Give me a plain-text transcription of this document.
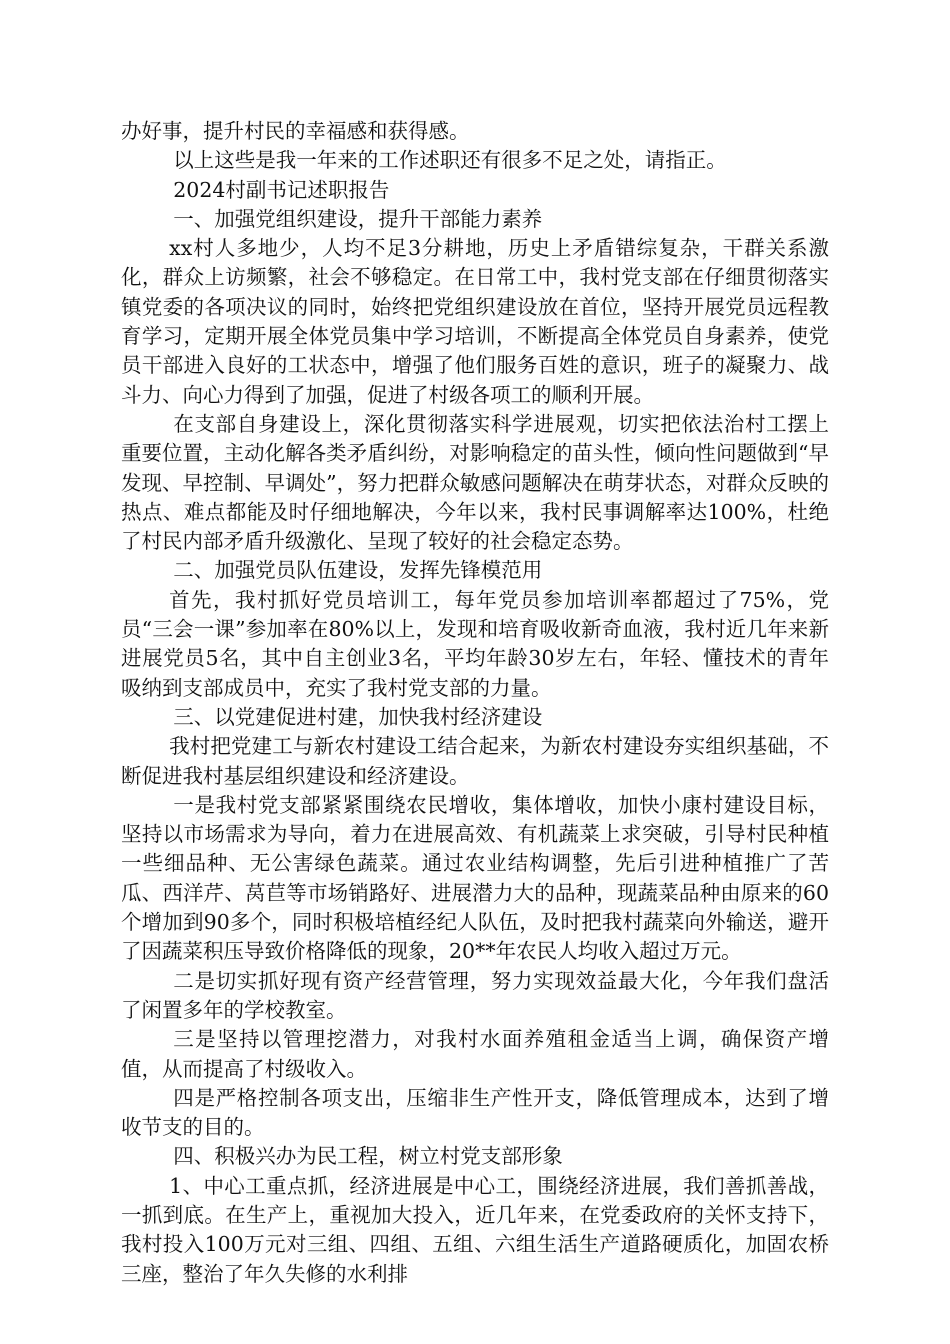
办好事，提升村民的幸福感和获得感。

以上这些是我一年来的工作述职还有很多不足之处，请指正。

2024村副书记述职报告

一、加强党组织建设，提升干部能力素养

xx村人多地少，人均不足3分耕地，历史上矛盾错综复杂，干群关系激化，群众上访频繁，社会不够稳定。在日常工中，我村党支部在仔细贯彻落实镇党委的各项决议的同时，始终把党组织建设放在首位，坚持开展党员远程教育学习，定期开展全体党员集中学习培训，不断提高全体党员自身素养，使党员干部进入良好的工状态中，增强了他们服务百姓的意识，班子的凝聚力、战斗力、向心力得到了加强，促进了村级各项工的顺利开展。

在支部自身建设上，深化贯彻落实科学进展观，切实把依法治村工摆上重要位置，主动化解各类矛盾纠纷，对影响稳定的苗头性，倾向性问题做到“早发现、早控制、早调处”，努力把群众敏感问题解决在萌芽状态，对群众反映的热点、难点都能及时仔细地解决，今年以来，我村民事调解率达100%，杜绝了村民内部矛盾升级激化、呈现了较好的社会稳定态势。

二、加强党员队伍建设，发挥先锋模范用

首先，我村抓好党员培训工，每年党员参加培训率都超过了75%，党员“三会一课”参加率在80%以上，发现和培育吸收新奇血液，我村近几年来新进展党员5名，其中自主创业3名，平均年龄30岁左右，年轻、懂技术的青年吸纳到支部成员中，充实了我村党支部的力量。

三、以党建促进村建，加快我村经济建设

我村把党建工与新农村建设工结合起来，为新农村建设夯实组织基础，不断促进我村基层组织建设和经济建设。

一是我村党支部紧紧围绕农民增收，集体增收，加快小康村建设目标，坚持以市场需求为导向，着力在进展高效、有机蔬菜上求突破，引导村民种植一些细品种、无公害绿色蔬菜。通过农业结构调整，先后引进种植推广了苦瓜、西洋芹、莴苣等市场销路好、进展潜力大的品种，现蔬菜品种由原来的60个增加到90多个，同时积极培植经纪人队伍，及时把我村蔬菜向外输送，避开了因蔬菜积压导致价格降低的现象，20**年农民人均收入超过万元。

二是切实抓好现有资产经营管理，努力实现效益最大化，今年我们盘活了闲置多年的学校教室。

三是坚持以管理挖潜力，对我村水面养殖租金适当上调，确保资产增值，从而提高了村级收入。

四是严格控制各项支出，压缩非生产性开支，降低管理成本，达到了增收节支的目的。

四、积极兴办为民工程，树立村党支部形象

1、中心工重点抓，经济进展是中心工，围绕经济进展，我们善抓善战，一抓到底。在生产上，重视加大投入，近几年来，在党委政府的关怀支持下，我村投入100万元对三组、四组、五组、六组生活生产道路硬质化，加固农桥三座，整治了年久失修的水利排
